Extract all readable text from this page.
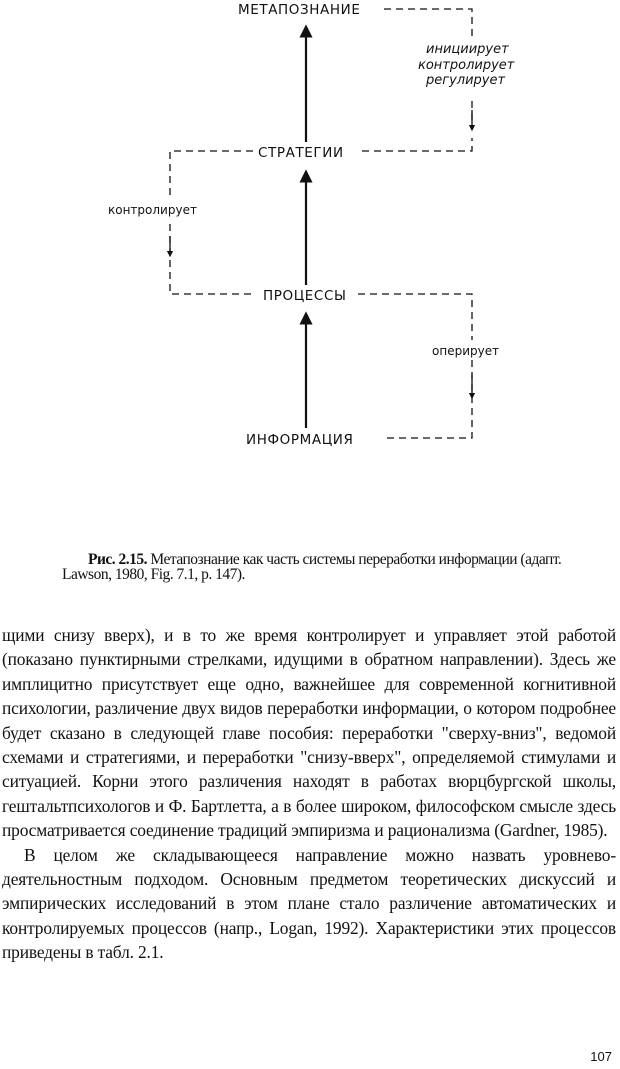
МЕТАПОЗНАНИЕ
СТРАТЕГИИ
ПРОЦЕССЫ
ИНФОРМАЦИЯ
инициирует
контролирует
регулирует
контролирует
оперирует
Рис. 2.15. Метапознание как часть системы переработки информации (адапт. Lawson, 1980, Fig. 7.1, p. 147).

щими снизу вверх), и в то же время контролирует и управляет этой работой (показано пунктирными стрелками, идущими в обратном направлении). Здесь же имплицитно присутствует еще одно, важнейшее для современной когнитивной психологии, различение двух видов переработки информации, о котором подробнее будет сказано в следующей главе пособия: переработки "сверху-вниз", ведомой схемами и стратегиями, и переработки "снизу-вверх", определяемой стимулами и ситуацией. Корни этого различения находят в работах вюрцбургской школы, гештальтпсихологов и Ф. Бартлетта, а в более широком, философском смысле здесь просматривается соединение традиций эмпиризма и рационализма (Gardner, 1985).

В целом же складывающееся направление можно назвать уровнево-деятельностным подходом. Основным предметом теоретических дискуссий и эмпирических исследований в этом плане стало различение автоматических и контролируемых процессов (напр., Logan, 1992). Характеристики этих процессов приведены в табл. 2.1.

107
